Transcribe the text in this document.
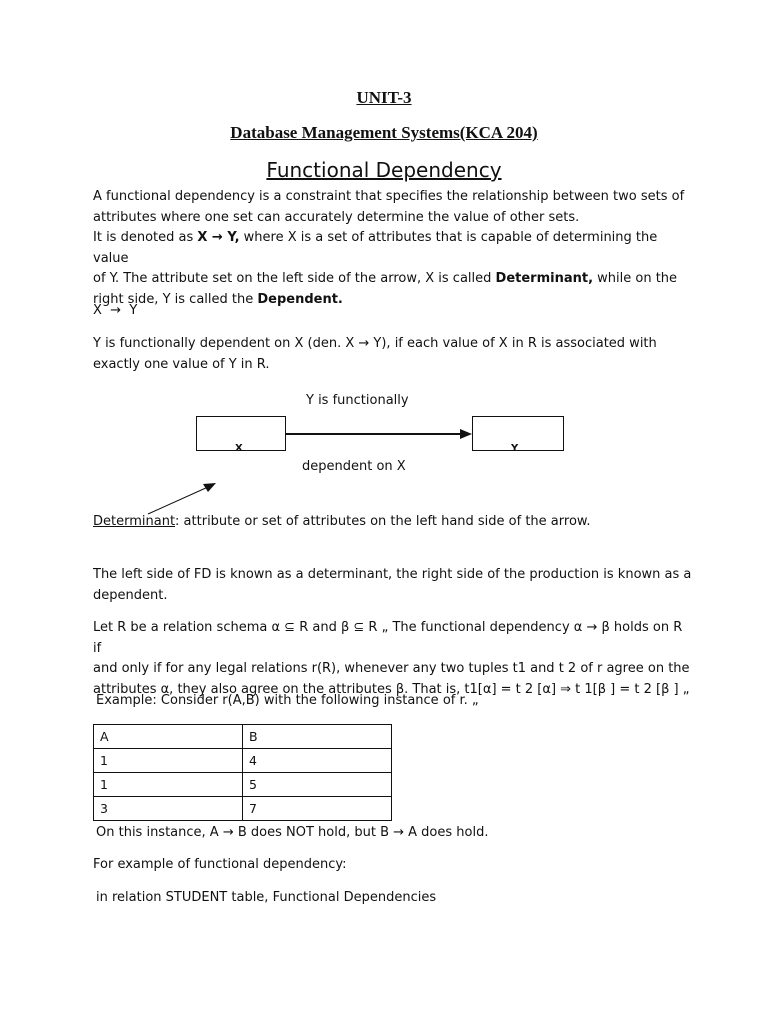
UNIT-3
Database Management Systems(KCA 204)
Functional Dependency
A functional dependency is a constraint that specifies the relationship between two sets of
attributes where one set can accurately determine the value of other sets.
It is denoted as X → Y, where X is a set of attributes that is capable of determining the value
of Y. The attribute set on the left side of the arrow, X is called Determinant, while on the
right side, Y is called the Dependent.
X  →  Y
Y is functionally dependent on X (den. X → Y), if each value of X in R is associated with
exactly one value of Y in R.
Y is functionally
X	Y
dependent on X
Determinant: attribute or set of attributes on the left hand side of the arrow.
The left side of FD is known as a determinant, the right side of the production is known as a
dependent.
Let R be a relation schema α ⊆ R and β ⊆ R „ The functional dependency α → β holds on R if
and only if for any legal relations r(R), whenever any two tuples t1 and t 2 of r agree on the
attributes α, they also agree on the attributes β. That is, t1[α] = t 2 [α] ⇒ t 1[β ] = t 2 [β ] „
Example: Consider r(A,B) with the following instance of r. „
A	B
1	4
1	5
3	7
On this instance, A → B does NOT hold, but B → A does hold.
For example of functional dependency:
in relation STUDENT table, Functional Dependencies
